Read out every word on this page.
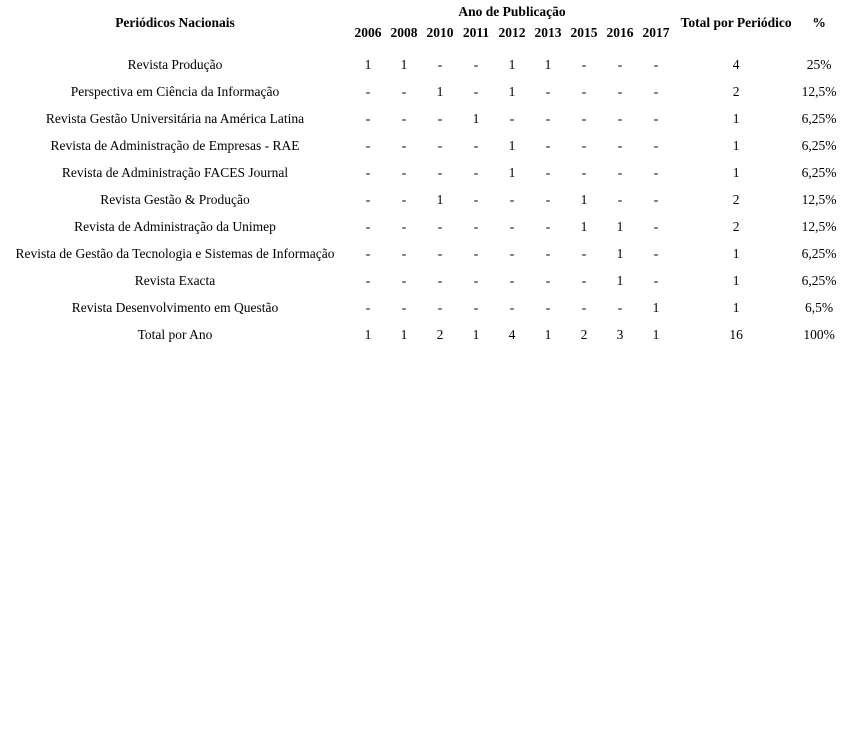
Periódicos Nacionais	Ano de Publicação									Total por Periódico	%
	2006	2008	2010	2011	2012	2013	2015	2016	2017		
Revista Produção	1	1	-	-	1	1	-	-	-	4	25%
Perspectiva em Ciência da Informação	-	-	1	-	1	-	-	-	-	2	12,5%
Revista Gestão Universitária na América Latina	-	-	-	1	-	-	-	-	-	1	6,25%
Revista de Administração de Empresas - RAE	-	-	-	-	1	-	-	-	-	1	6,25%
Revista de Administração FACES Journal	-	-	-	-	1	-	-	-	-	1	6,25%
Revista Gestão & Produção	-	-	1	-	-	-	1	-	-	2	12,5%
Revista de Administração da Unimep	-	-	-	-	-	-	1	1	-	2	12,5%
Revista de Gestão da Tecnologia e Sistemas de Informação	-	-	-	-	-	-	-	1	-	1	6,25%
Revista Exacta	-	-	-	-	-	-	-	1	-	1	6,25%
Revista Desenvolvimento em Questão	-	-	-	-	-	-	-	-	1	1	6,5%
Total por Ano	1	1	2	1	4	1	2	3	1	16	100%
